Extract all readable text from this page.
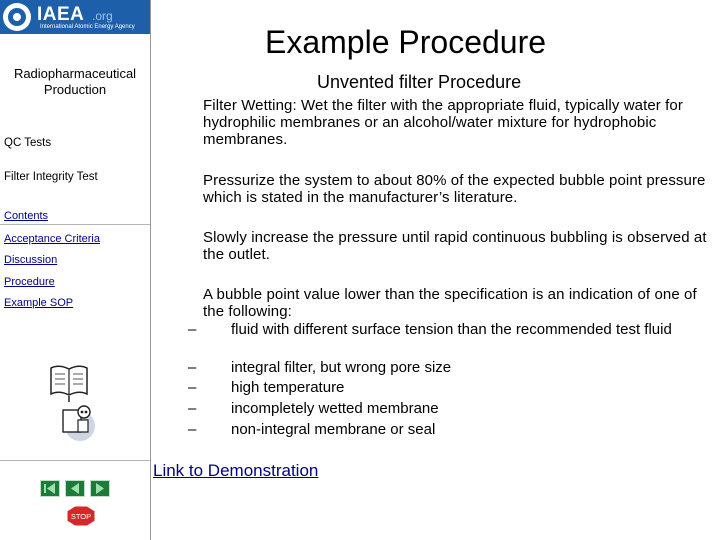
IAEA .org
International Atomic Energy Agency
Radiopharmaceutical Production
QC Tests
Filter Integrity Test
Contents
Acceptance Criteria
Discussion
Procedure
Example SOP
STOP
Example Procedure
Unvented filter Procedure
Filter Wetting: Wet the filter with the appropriate fluid, typically water for hydrophilic membranes or an alcohol/water mixture for hydrophobic membranes.
Pressurize the system to about 80% of the expected bubble point pressure which is stated in the manufacturer’s literature.
Slowly increase the pressure until rapid continuous bubbling is observed at the outlet.
A bubble point value lower than the specification is an indication of one of the following:
– fluid with different surface tension than the recommended test fluid
– integral filter, but wrong pore size
– high temperature
– incompletely wetted membrane
– non-integral membrane or seal
Link to Demonstration
